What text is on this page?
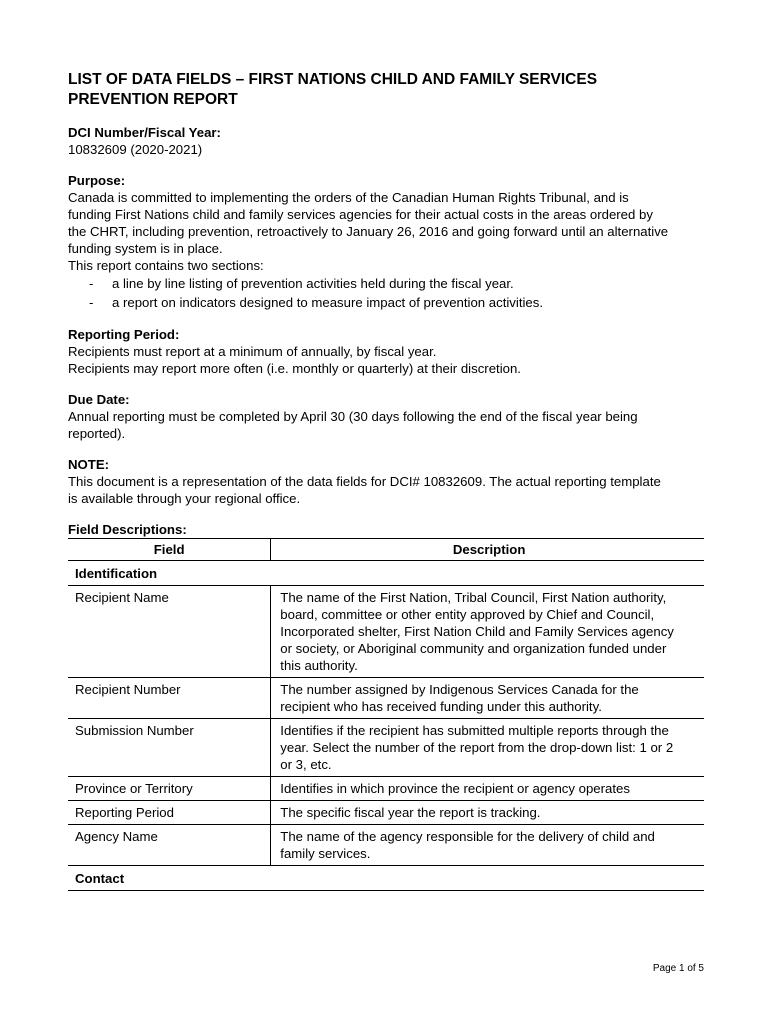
LIST OF DATA FIELDS – FIRST NATIONS CHILD AND FAMILY SERVICES
PREVENTION REPORT

DCI Number/Fiscal Year:

10832609 (2020-2021)

Purpose:

Canada is committed to implementing the orders of the Canadian Human Rights Tribunal, and is

funding First Nations child and family services agencies for their actual costs in the areas ordered by

the CHRT, including prevention, retroactively to January 26, 2016 and going forward until an alternative

funding system is in place.

This report contains two sections:

- a line by line listing of prevention activities held during the fiscal year.
- a report on indicators designed to measure impact of prevention activities.

Reporting Period:

Recipients must report at a minimum of annually, by fiscal year.

Recipients may report more often (i.e. monthly or quarterly) at their discretion.

Due Date:

Annual reporting must be completed by April 30 (30 days following the end of the fiscal year being

reported).

NOTE:

This document is a representation of the data fields for DCI# 10832609. The actual reporting template

is available through your regional office.

Field Descriptions:

Field	Description
Identification	
Recipient Name	The name of the First Nation, Tribal Council, First Nation authority,
board, committee or other entity approved by Chief and Council,
Incorporated shelter, First Nation Child and Family Services agency
or society, or Aboriginal community and organization funded under
this authority.

Recipient Number	The number assigned by Indigenous Services Canada for the
recipient who has received funding under this authority.

Submission Number	Identifies if the recipient has submitted multiple reports through the
year. Select the number of the report from the drop-down list: 1 or 2
or 3, etc.

Province or Territory	Identifies in which province the recipient or agency operates

Reporting Period	The specific fiscal year the report is tracking.

Agency Name	The name of the agency responsible for the delivery of child and
family services.

Contact	
Page 1 of 5
